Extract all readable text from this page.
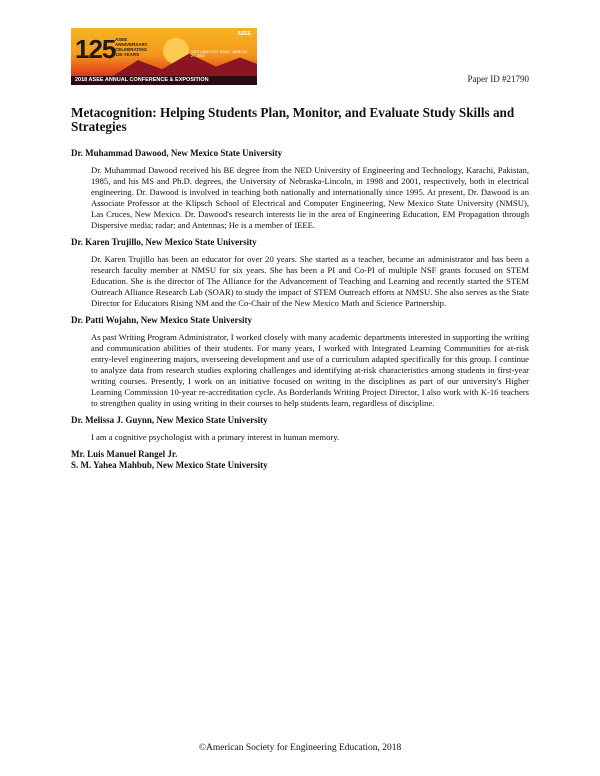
125 ASEE ANNIVERSARY CELEBRATING 125 YEARS
ASEE
SALT LAKE CITY, UTAH · JUNE 24–27, 2018
2018 ASEE ANNUAL CONFERENCE & EXPOSITION	Paper ID #21790
Metacognition: Helping Students Plan, Monitor, and Evaluate Study Skills and Strategies

Dr. Muhammad Dawood, New Mexico State University

Dr. Muhammad Dawood received his BE degree from the NED University of Engineering and Technology, Karachi, Pakistan, 1985, and his MS and Ph.D. degrees, the University of Nebraska-Lincoln, in 1998 and 2001, respectively, both in electrical engineering. Dr. Dawood is involved in teaching both nationally and internationally since 1995. At present, Dr. Dawood is an Associate Professor at the Klipsch School of Electrical and Computer Engineering, New Mexico State University (NMSU), Las Cruces, New Mexico. Dr. Dawood's research interests lie in the area of Engineering Education, EM Propagation through Dispersive media; radar; and Antennas; He is a member of IEEE.

Dr. Karen Trujillo, New Mexico State University

Dr. Karen Trujillo has been an educator for over 20 years. She started as a teacher, became an administrator and has been a research faculty member at NMSU for six years. She has been a PI and Co-PI of multiple NSF grants focused on STEM Education. She is the director of The Alliance for the Advancement of Teaching and Learning and recently started the STEM Outreach Alliance Research Lab (SOAR) to study the impact of STEM Outreach efforts at NMSU. She also serves as the State Director for Educators Rising NM and the Co-Chair of the New Mexico Math and Science Partnership.

Dr. Patti Wojahn, New Mexico State University

As past Writing Program Administrator, I worked closely with many academic departments interested in supporting the writing and communication abilities of their students. For many years, I worked with Integrated Learning Communities for at-risk entry-level engineering majors, overseeing development and use of a curriculum adapted specifically for this group. I continue to analyze data from research studies exploring challenges and identifying at-risk characteristics among students in first-year writing courses. Presently, I work on an initiative focused on writing in the disciplines as part of our university's Higher Learning Commission 10-year re-accreditation cycle. As Borderlands Writing Project Director, I also work with K-16 teachers to strengthen quality in using writing in their courses to help students learn, regardless of discipline.

Dr. Melissa J. Guynn, New Mexico State University

I am a cognitive psychologist with a primary interest in human memory.

Mr. Luis Manuel Rangel Jr.

S. M. Yahea Mahbub, New Mexico State University

©American Society for Engineering Education, 2018
